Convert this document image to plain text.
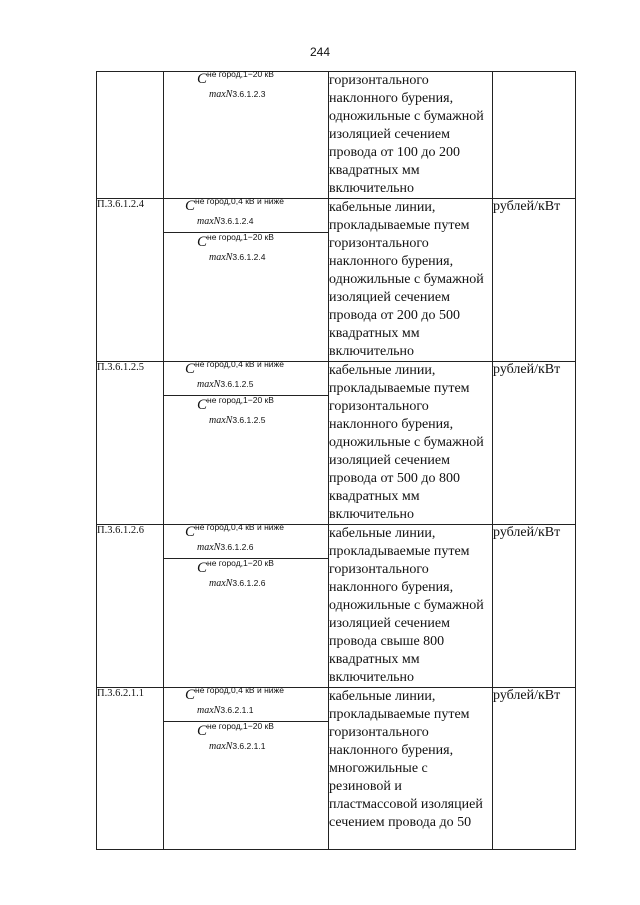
244

	Cне город,1−20 кВ
maxN3.6.1.2.3	горизонтального наклонного бурения, одножильные с бумажной изоляцией сечением провода от 100 до 200 квадратных мм включительно	
П.3.6.1.2.4	Cне город,0,4 кВ и ниже
maxN3.6.1.2.4
Cне город,1−20 кВ
maxN3.6.1.2.4	кабельные линии, прокладываемые путем горизонтального наклонного бурения, одножильные с бумажной изоляцией сечением провода от 200 до 500 квадратных мм включительно	рублей/кВт
П.3.6.1.2.5	Cне город,0,4 кВ и ниже
maxN3.6.1.2.5
Cне город,1−20 кВ
maxN3.6.1.2.5	кабельные линии, прокладываемые путем горизонтального наклонного бурения, одножильные с бумажной изоляцией сечением провода от 500 до 800 квадратных мм включительно	рублей/кВт
П.3.6.1.2.6	Cне город,0,4 кВ и ниже
maxN3.6.1.2.6
Cне город,1−20 кВ
maxN3.6.1.2.6	кабельные линии, прокладываемые путем горизонтального наклонного бурения, одножильные с бумажной изоляцией сечением провода свыше 800 квадратных мм включительно	рублей/кВт
П.3.6.2.1.1	Cне город,0,4 кВ и ниже
maxN3.6.2.1.1
Cне город,1−20 кВ
maxN3.6.2.1.1	кабельные линии, прокладываемые путем горизонтального наклонного бурения, многожильные с резиновой и пластмассовой изоляцией сечением провода до 50	рублей/кВт
